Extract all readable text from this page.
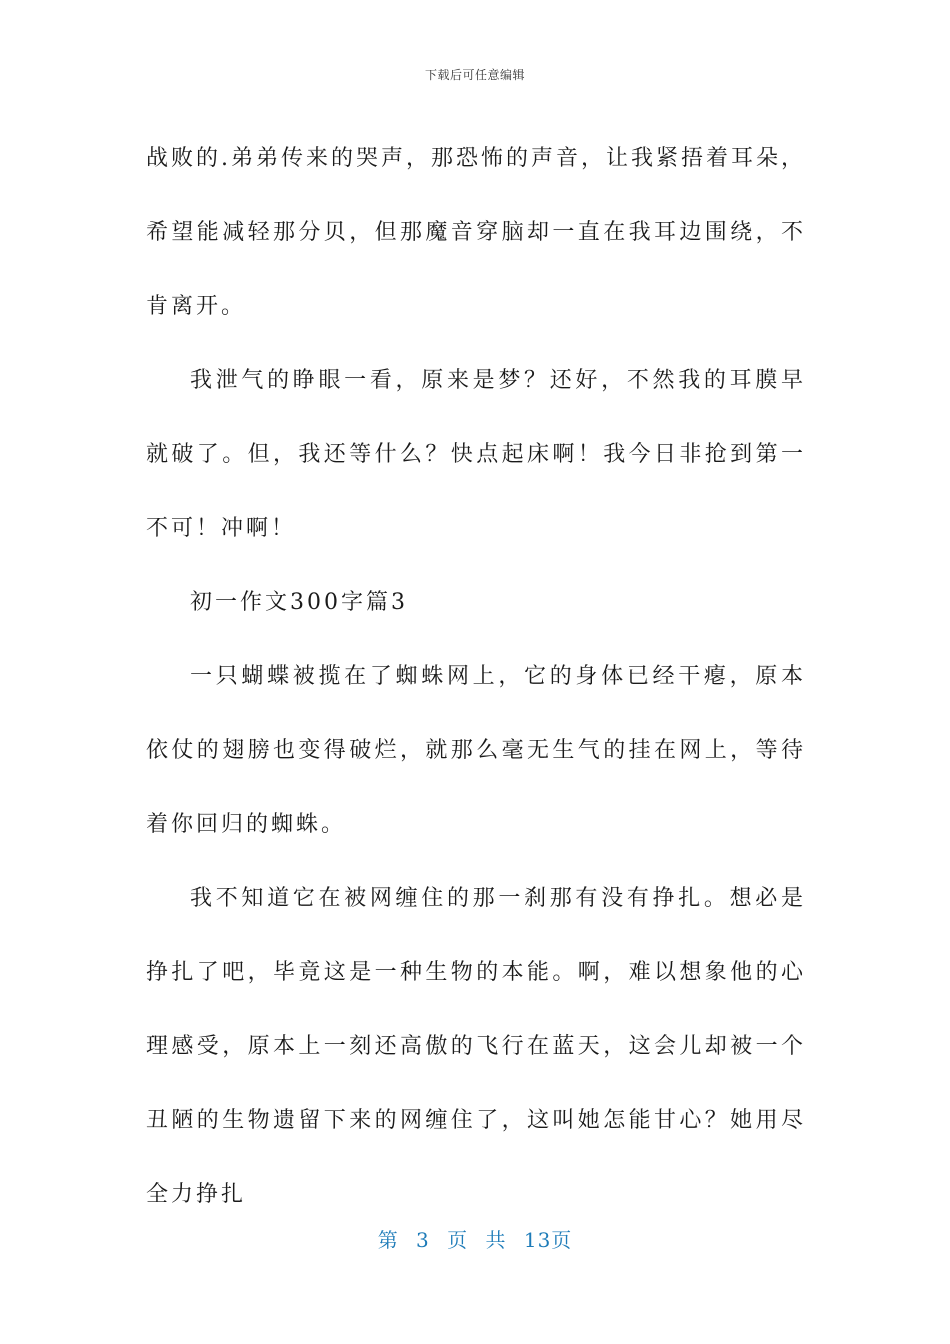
下载后可任意编辑

战败的.弟弟传来的哭声，那恐怖的声音，让我紧捂着耳朵，希望能减轻那分贝，但那魔音穿脑却一直在我耳边围绕，不肯离开。

我泄气的睁眼一看，原来是梦？还好，不然我的耳膜早就破了。但，我还等什么？快点起床啊！我今日非抢到第一不可！冲啊！

初一作文300字篇3

一只蝴蝶被揽在了蜘蛛网上，它的身体已经干瘪，原本依仗的翅膀也变得破烂，就那么毫无生气的挂在网上，等待着你回归的蜘蛛。

我不知道它在被网缠住的那一刹那有没有挣扎。想必是挣扎了吧，毕竟这是一种生物的本能。啊，难以想象他的心理感受，原本上一刻还高傲的飞行在蓝天，这会儿却被一个丑陋的生物遗留下来的网缠住了，这叫她怎能甘心？她用尽全力挣扎

第 3 页 共 13页
